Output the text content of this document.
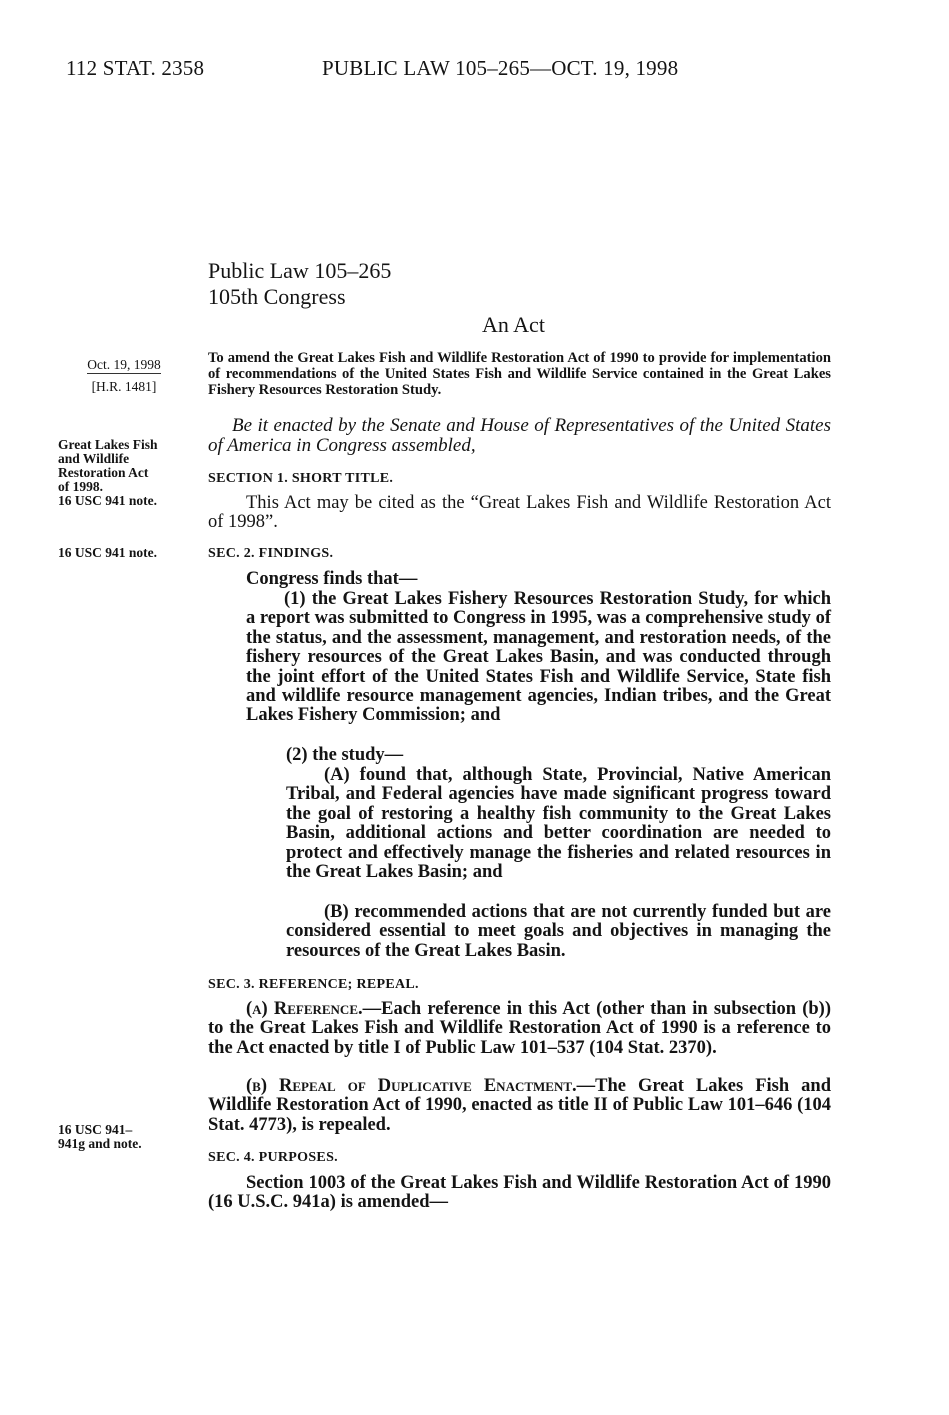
112 STAT. 2358	PUBLIC LAW 105–265—OCT. 19, 1998
Public Law 105–265
105th Congress
An Act
Oct. 19, 1998
[H.R. 1481]
Great Lakes Fish
and Wildlife
Restoration Act
of 1998.
16 USC 941 note.
16 USC 941 note.
16 USC 941–
941g and note.
To amend the Great Lakes Fish and Wildlife Restoration Act of 1990 to provide for implementation of recommendations of the United States Fish and Wildlife Service contained in the Great Lakes Fishery Resources Restoration Study.
Be it enacted by the Senate and House of Representatives of the United States of America in Congress assembled,
SECTION 1. SHORT TITLE.
This Act may be cited as the “Great Lakes Fish and Wildlife Restoration Act of 1998”.
SEC. 2. FINDINGS.
Congress finds that—
(1) the Great Lakes Fishery Resources Restoration Study, for which a report was submitted to Congress in 1995, was a comprehensive study of the status, and the assessment, management, and restoration needs, of the fishery resources of the Great Lakes Basin, and was conducted through the joint effort of the United States Fish and Wildlife Service, State fish and wildlife resource management agencies, Indian tribes, and the Great Lakes Fishery Commission; and
(2) the study—
(A) found that, although State, Provincial, Native American Tribal, and Federal agencies have made significant progress toward the goal of restoring a healthy fish community to the Great Lakes Basin, additional actions and better coordination are needed to protect and effectively manage the fisheries and related resources in the Great Lakes Basin; and
(B) recommended actions that are not currently funded but are considered essential to meet goals and objectives in managing the resources of the Great Lakes Basin.
SEC. 3. REFERENCE; REPEAL.
(a) Reference.—Each reference in this Act (other than in subsection (b)) to the Great Lakes Fish and Wildlife Restoration Act of 1990 is a reference to the Act enacted by title I of Public Law 101–537 (104 Stat. 2370).
(b) Repeal of Duplicative Enactment.—The Great Lakes Fish and Wildlife Restoration Act of 1990, enacted as title II of Public Law 101–646 (104 Stat. 4773), is repealed.
SEC. 4. PURPOSES.
Section 1003 of the Great Lakes Fish and Wildlife Restoration Act of 1990 (16 U.S.C. 941a) is amended—
